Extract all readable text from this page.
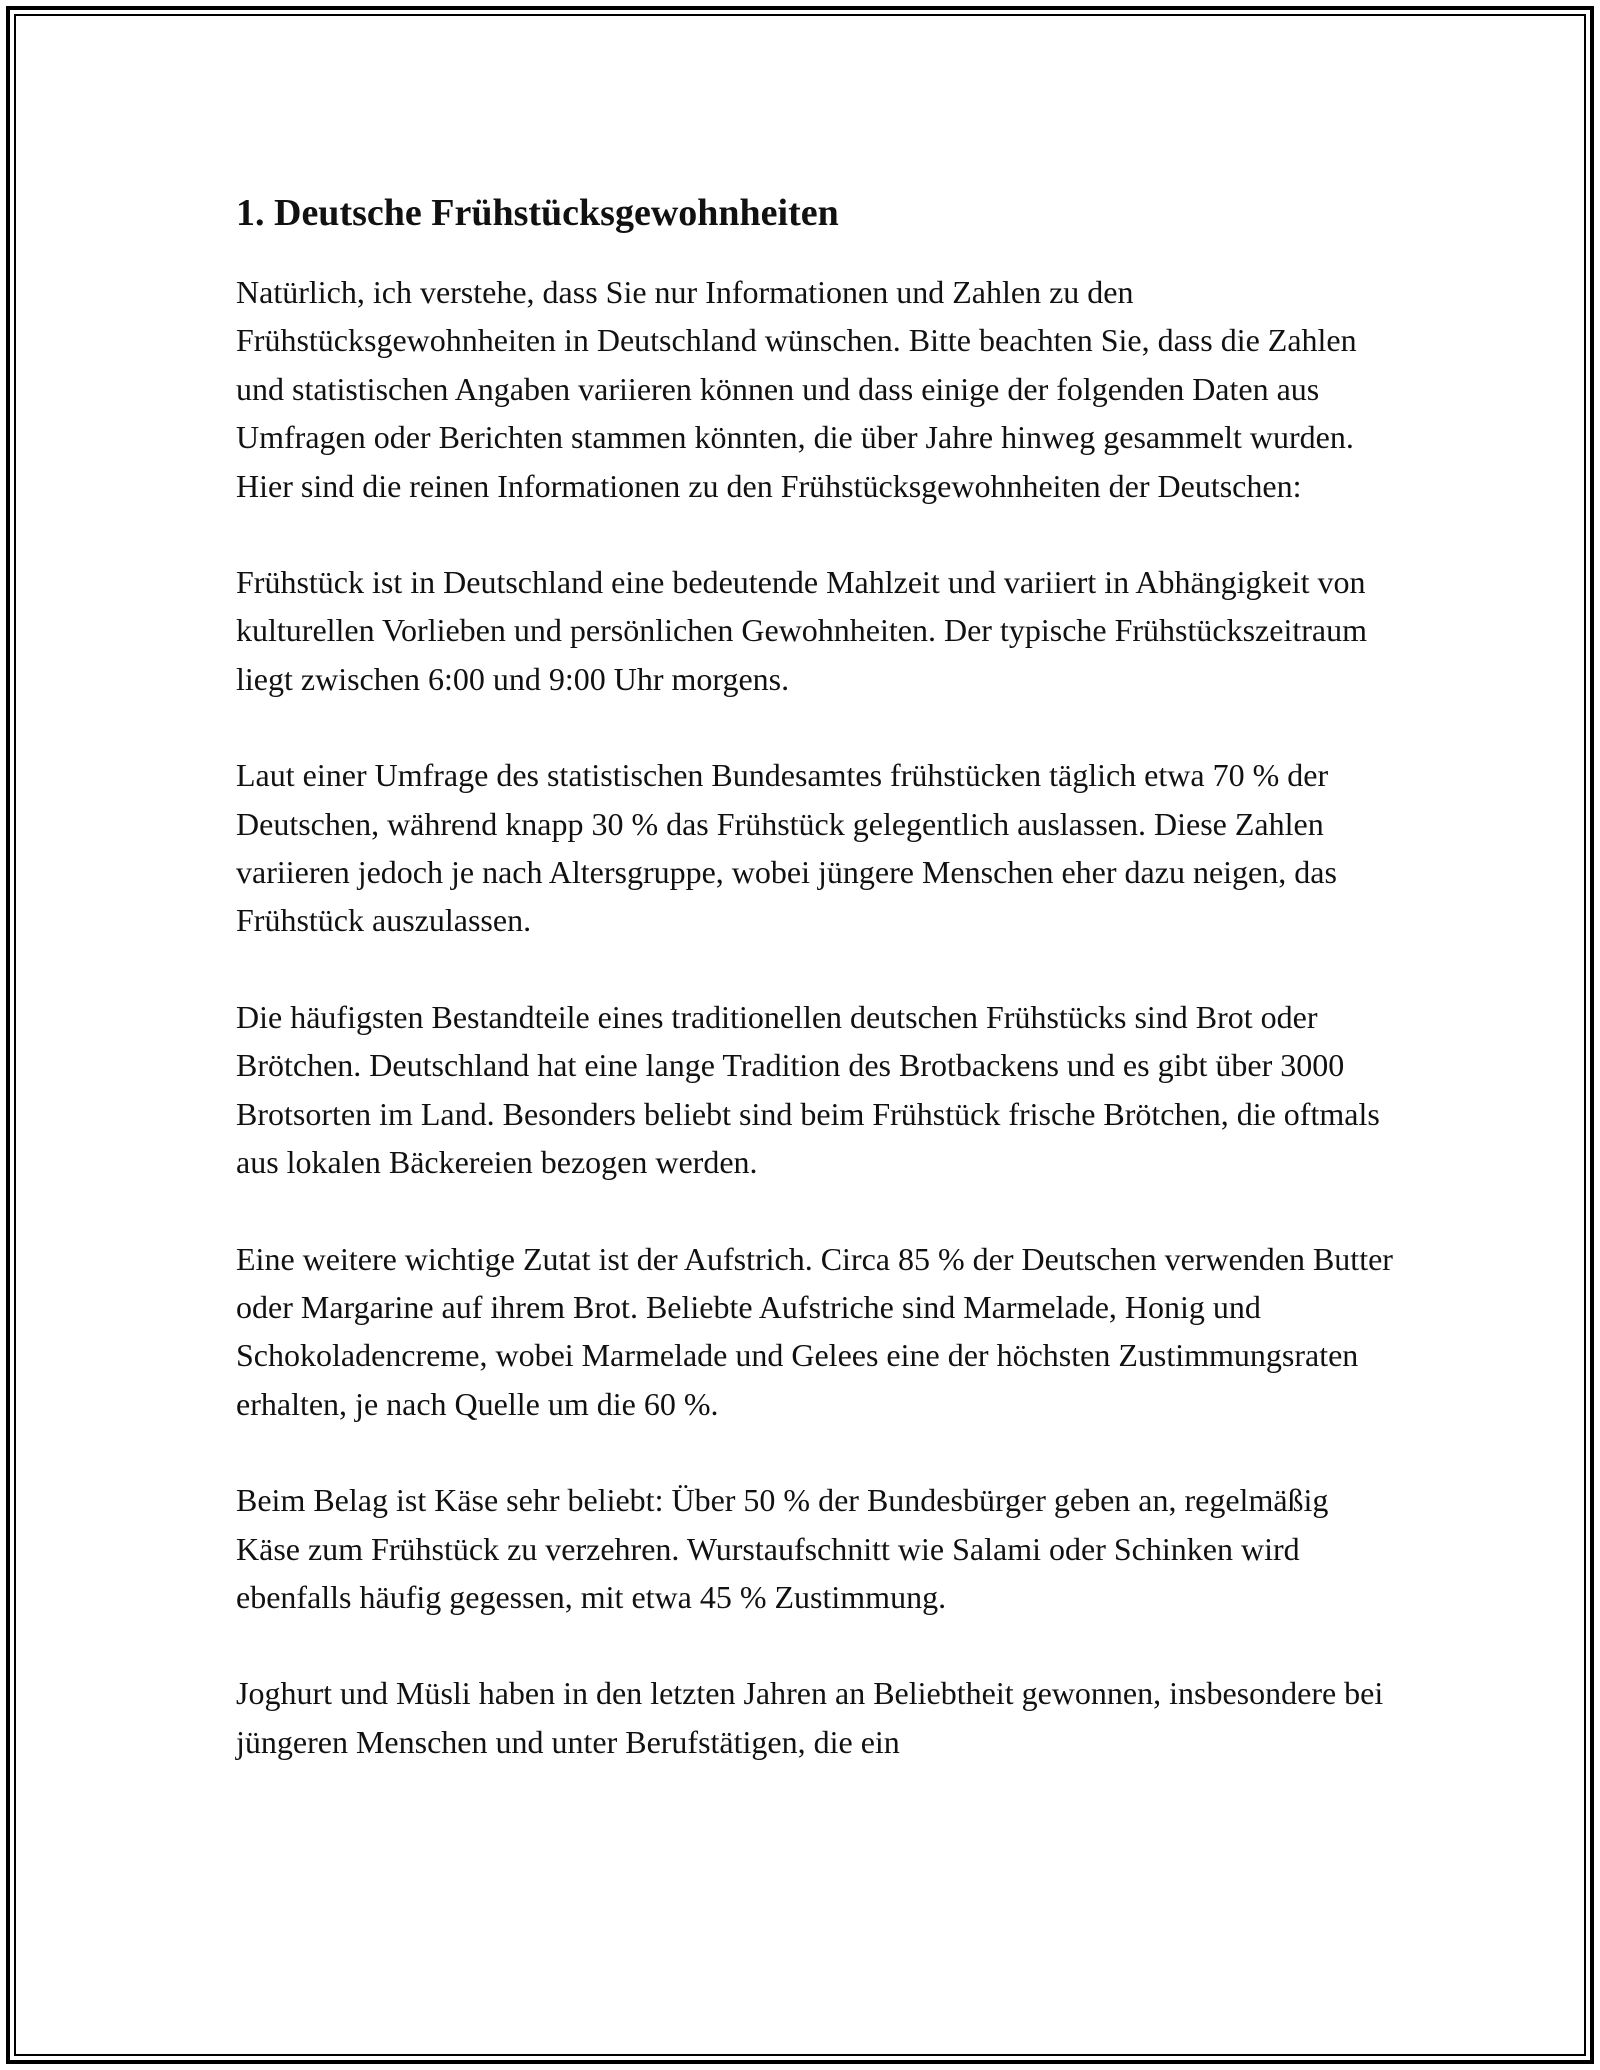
1. Deutsche Frühstücksgewohnheiten

Natürlich, ich verstehe, dass Sie nur Informationen und Zahlen zu den Frühstücksgewohnheiten in Deutschland wünschen. Bitte beachten Sie, dass die Zahlen und statistischen Angaben variieren können und dass einige der folgenden Daten aus Umfragen oder Berichten stammen könnten, die über Jahre hinweg gesammelt wurden. Hier sind die reinen Informationen zu den Frühstücksgewohnheiten der Deutschen:

Frühstück ist in Deutschland eine bedeutende Mahlzeit und variiert in Abhängigkeit von kulturellen Vorlieben und persönlichen Gewohnheiten. Der typische Frühstückszeitraum liegt zwischen 6:00 und 9:00 Uhr morgens.

Laut einer Umfrage des statistischen Bundesamtes frühstücken täglich etwa 70 % der Deutschen, während knapp 30 % das Frühstück gelegentlich auslassen. Diese Zahlen variieren jedoch je nach Altersgruppe, wobei jüngere Menschen eher dazu neigen, das Frühstück auszulassen.

Die häufigsten Bestandteile eines traditionellen deutschen Frühstücks sind Brot oder Brötchen. Deutschland hat eine lange Tradition des Brotbackens und es gibt über 3000 Brotsorten im Land. Besonders beliebt sind beim Frühstück frische Brötchen, die oftmals aus lokalen Bäckereien bezogen werden.

Eine weitere wichtige Zutat ist der Aufstrich. Circa 85 % der Deutschen verwenden Butter oder Margarine auf ihrem Brot. Beliebte Aufstriche sind Marmelade, Honig und Schokoladencreme, wobei Marmelade und Gelees eine der höchsten Zustimmungsraten erhalten, je nach Quelle um die 60 %.

Beim Belag ist Käse sehr beliebt: Über 50 % der Bundesbürger geben an, regelmäßig Käse zum Frühstück zu verzehren. Wurstaufschnitt wie Salami oder Schinken wird ebenfalls häufig gegessen, mit etwa 45 % Zustimmung.

Joghurt und Müsli haben in den letzten Jahren an Beliebtheit gewonnen, insbesondere bei jüngeren Menschen und unter Berufstätigen, die ein
